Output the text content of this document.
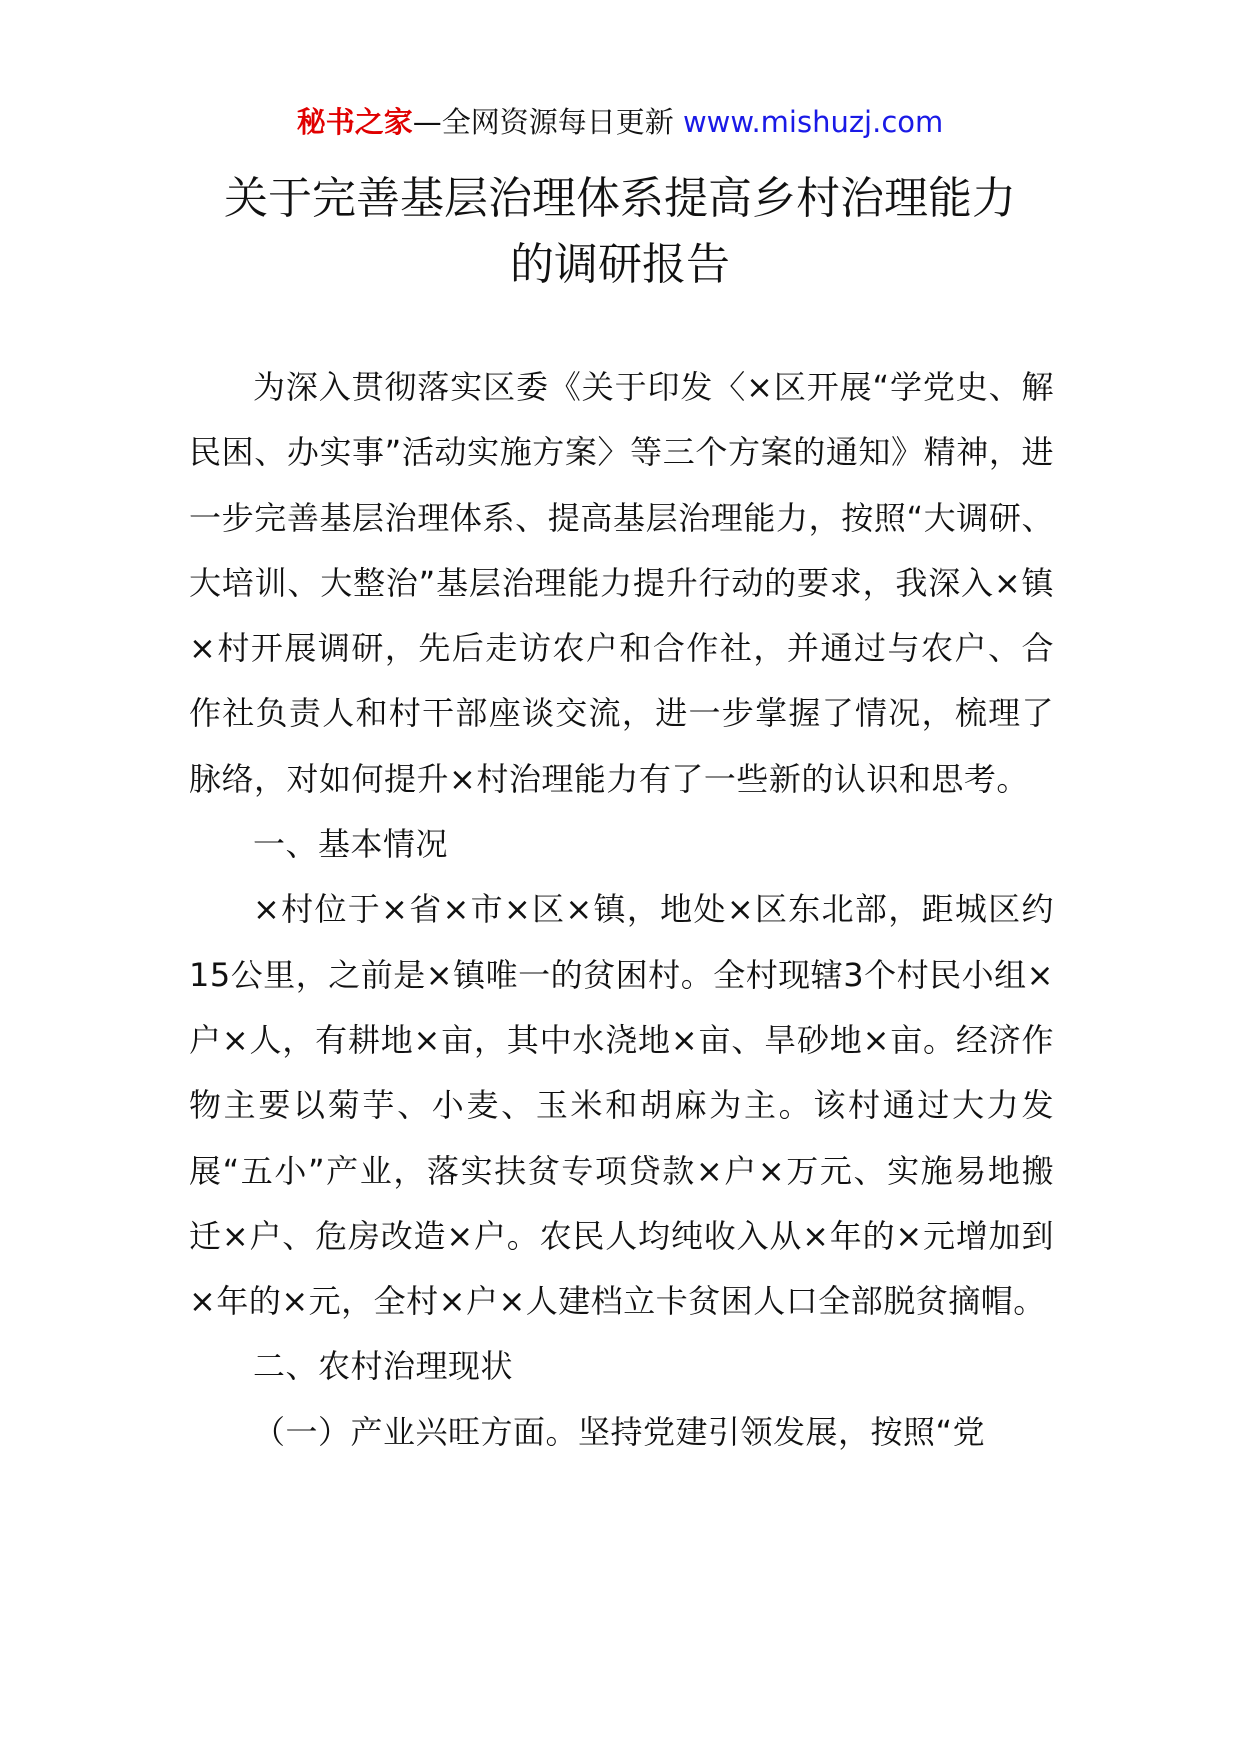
秘书之家—全网资源每日更新 www.mishuzj.com
关于完善基层治理体系提高乡村治理能力
的调研报告

为深入贯彻落实区委《关于印发〈×区开展“学党史、解民困、办实事”活动实施方案〉等三个方案的通知》精神，进一步完善基层治理体系、提高基层治理能力，按照“大调研、大培训、大整治”基层治理能力提升行动的要求，我深入×镇×村开展调研，先后走访农户和合作社，并通过与农户、合作社负责人和村干部座谈交流，进一步掌握了情况，梳理了脉络，对如何提升×村治理能力有了一些新的认识和思考。

一、基本情况

×村位于×省×市×区×镇，地处×区东北部，距城区约15公里，之前是×镇唯一的贫困村。全村现辖3个村民小组×户×人，有耕地×亩，其中水浇地×亩、旱砂地×亩。经济作物主要以菊芋、小麦、玉米和胡麻为主。该村通过大力发展“五小”产业，落实扶贫专项贷款×户×万元、实施易地搬迁×户、危房改造×户。农民人均纯收入从×年的×元增加到×年的×元，全村×户×人建档立卡贫困人口全部脱贫摘帽。

二、农村治理现状

（一）产业兴旺方面。坚持党建引领发展，按照“党
